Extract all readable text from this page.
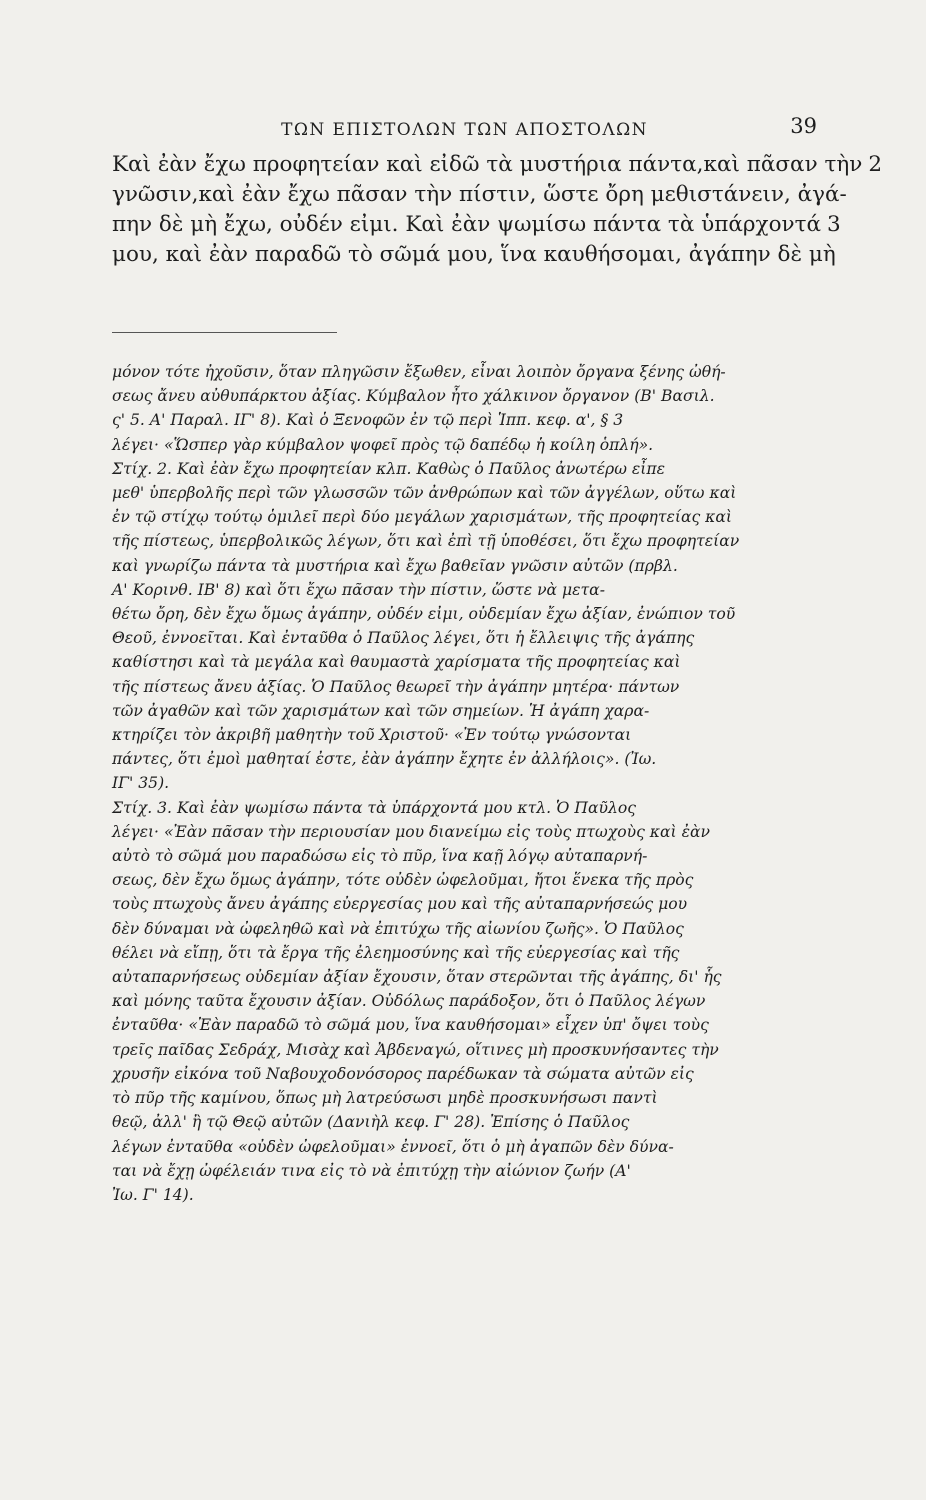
ΤΩΝ ΕΠΙΣΤΟΛΩΝ ΤΩΝ ΑΠΟΣΤΟΛΩΝ	39
Καὶ ἐὰν ἔχω προφητείαν καὶ εἰδῶ τὰ μυστήρια πάντα,καὶ πᾶσαν τὴν 2
γνῶσιν,καὶ ἐὰν ἔχω πᾶσαν τὴν πίστιν, ὥστε ὄρη μεθιστάνειν, ἀγά-
πην δὲ μὴ ἔχω, οὐδέν εἰμι. Καὶ ἐὰν ψωμίσω πάντα τὰ ὑπάρχοντά 3
μου, καὶ ἐὰν παραδῶ τὸ σῶμά μου, ἵνα καυθήσομαι, ἀγάπην δὲ μὴ
μόνον τότε ἠχοῦσιν, ὅταν πληγῶσιν ἔξωθεν, εἶναι λοιπὸν ὄργανα ξένης ὠθή-
σεως ἄνευ αὐθυπάρκτου ἀξίας. Κύμβαλον ἦτο χάλκινον ὄργανον (Β' Βασιλ.
ς' 5. Α' Παραλ. ΙΓ' 8). Καὶ ὁ Ξενοφῶν ἐν τῷ περὶ Ἱππ. κεφ. α', § 3
λέγει· «Ὥσπερ γὰρ κύμβαλον ψοφεῖ πρὸς τῷ δαπέδῳ ἡ κοίλη ὁπλή».
Στίχ. 2. Καὶ ἐὰν ἔχω προφητείαν κλπ. Καθὼς ὁ Παῦλος ἀνωτέρω εἶπε
μεθ' ὑπερβολῆς περὶ τῶν γλωσσῶν τῶν ἀνθρώπων καὶ τῶν ἀγγέλων, οὕτω καὶ
ἐν τῷ στίχῳ τούτῳ ὁμιλεῖ περὶ δύο μεγάλων χαρισμάτων, τῆς προφητείας καὶ
τῆς πίστεως, ὑπερβολικῶς λέγων, ὅτι καὶ ἐπὶ τῇ ὑποθέσει, ὅτι ἔχω προφητείαν
καὶ γνωρίζω πάντα τὰ μυστήρια καὶ ἔχω βαθεῖαν γνῶσιν αὐτῶν (πρβλ.
Α' Κορινθ. ΙΒ' 8) καὶ ὅτι ἔχω πᾶσαν τὴν πίστιν, ὥστε νὰ μετα-
θέτω ὄρη, δὲν ἔχω ὅμως ἀγάπην, οὐδέν εἰμι, οὐδεμίαν ἔχω ἀξίαν, ἐνώπιον τοῦ
Θεοῦ, ἐννοεῖται. Καὶ ἐνταῦθα ὁ Παῦλος λέγει, ὅτι ἡ ἔλλειψις τῆς ἀγάπης
καθίστησι καὶ τὰ μεγάλα καὶ θαυμαστὰ χαρίσματα τῆς προφητείας καὶ
τῆς πίστεως ἄνευ ἀξίας. Ὁ Παῦλος θεωρεῖ τὴν ἀγάπην μητέρα· πάντων
τῶν ἀγαθῶν καὶ τῶν χαρισμάτων καὶ τῶν σημείων. Ἡ ἀγάπη χαρα-
κτηρίζει τὸν ἀκριβῆ μαθητὴν τοῦ Χριστοῦ· «Ἐν τούτῳ γνώσονται
πάντες, ὅτι ἐμοὶ μαθηταί ἐστε, ἐὰν ἀγάπην ἔχητε ἐν ἀλλήλοις». (Ἰω.
ΙΓ' 35).
Στίχ. 3. Καὶ ἐὰν ψωμίσω πάντα τὰ ὑπάρχοντά μου κτλ. Ὁ Παῦλος
λέγει· «Ἐὰν πᾶσαν τὴν περιουσίαν μου διανείμω εἰς τοὺς πτωχοὺς καὶ ἐὰν
αὐτὸ τὸ σῶμά μου παραδώσω εἰς τὸ πῦρ, ἵνα καῇ λόγῳ αὐταπαρνή-
σεως, δὲν ἔχω ὅμως ἀγάπην, τότε οὐδὲν ὠφελοῦμαι, ἤτοι ἕνεκα τῆς πρὸς
τοὺς πτωχοὺς ἄνευ ἀγάπης εὐεργεσίας μου καὶ τῆς αὐταπαρνήσεώς μου
δὲν δύναμαι νὰ ὠφεληθῶ καὶ νὰ ἐπιτύχω τῆς αἰωνίου ζωῆς». Ὁ Παῦλος
θέλει νὰ εἴπῃ, ὅτι τὰ ἔργα τῆς ἐλεημοσύνης καὶ τῆς εὐεργεσίας καὶ τῆς
αὐταπαρνήσεως οὐδεμίαν ἀξίαν ἔχουσιν, ὅταν στερῶνται τῆς ἀγάπης, δι' ἧς
καὶ μόνης ταῦτα ἔχουσιν ἀξίαν. Οὐδόλως παράδοξον, ὅτι ὁ Παῦλος λέγων
ἐνταῦθα· «Ἐὰν παραδῶ τὸ σῶμά μου, ἵνα καυθήσομαι» εἶχεν ὑπ' ὄψει τοὺς
τρεῖς παῖδας Σεδράχ, Μισὰχ καὶ Ἀβδεναγώ, οἵτινες μὴ προσκυνήσαντες τὴν
χρυσῆν εἰκόνα τοῦ Ναβουχοδονόσορος παρέδωκαν τὰ σώματα αὐτῶν εἰς
τὸ πῦρ τῆς καμίνου, ὅπως μὴ λατρεύσωσι μηδὲ προσκυνήσωσι παντὶ
θεῷ, ἀλλ' ἢ τῷ Θεῷ αὐτῶν (Δανιὴλ κεφ. Γ' 28). Ἐπίσης ὁ Παῦλος
λέγων ἐνταῦθα «οὐδὲν ὠφελοῦμαι» ἐννοεῖ, ὅτι ὁ μὴ ἀγαπῶν δὲν δύνα-
ται νὰ ἔχῃ ὠφέλειάν τινα εἰς τὸ νὰ ἐπιτύχῃ τὴν αἰώνιον ζωήν (Α'
Ἰω. Γ' 14).
